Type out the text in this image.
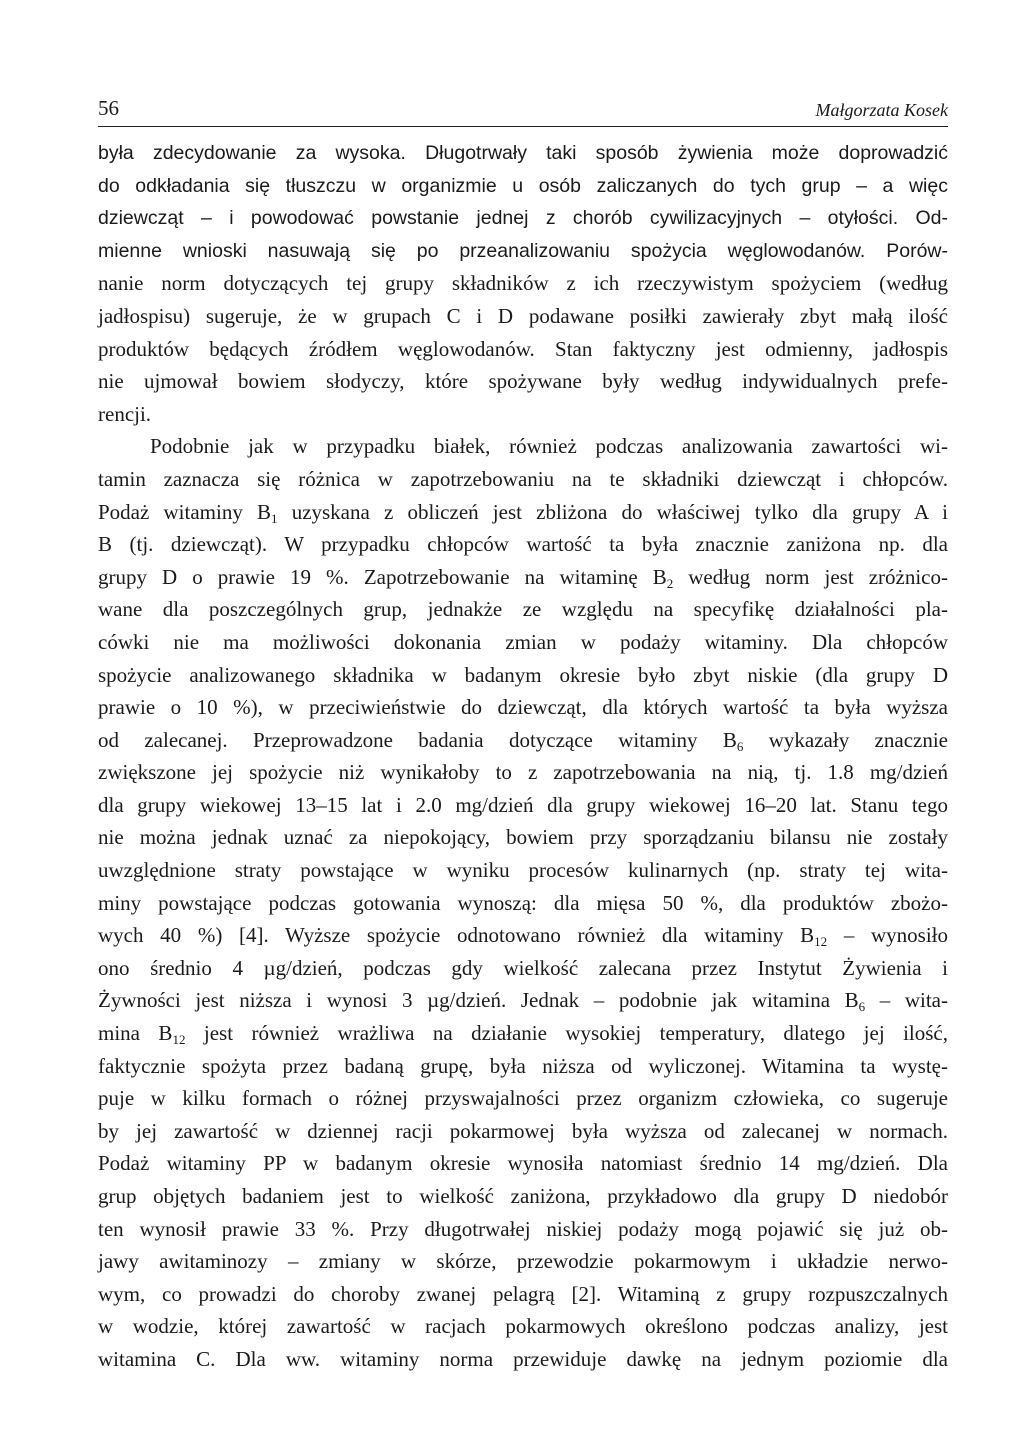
56	Małgorzata Kosek
była zdecydowanie za wysoka. Długotrwały taki sposób żywienia może doprowadzić
do odkładania się tłuszczu w organizmie u osób zaliczanych do tych grup – a więc
dziewcząt – i powodować powstanie jednej z chorób cywilizacyjnych – otyłości. Od-
mienne wnioski nasuwają się po przeanalizowaniu spożycia węglowodanów. Porów-
nanie norm dotyczących tej grupy składników z ich rzeczywistym spożyciem (według
jadłospisu) sugeruje, że w grupach C i D podawane posiłki zawierały zbyt małą ilość
produktów będących źródłem węglowodanów. Stan faktyczny jest odmienny, jadłospis
nie ujmował bowiem słodyczy, które spożywane były według indywidualnych prefe-
rencji.
Podobnie jak w przypadku białek, również podczas analizowania zawartości wi-
tamin zaznacza się różnica w zapotrzebowaniu na te składniki dziewcząt i chłopców.
Podaż witaminy $B_1$ uzyskana z obliczeń jest zbliżona do właściwej tylko dla grupy A i
B (tj. dziewcząt). W przypadku chłopców wartość ta była znacznie zaniżona np. dla
grupy D o prawie 19 %. Zapotrzebowanie na witaminę $B_2$ według norm jest zróżnico-
wane dla poszczególnych grup, jednakże ze względu na specyfikę działalności pla-
cówki nie ma możliwości dokonania zmian w podaży witaminy. Dla chłopców
spożycie analizowanego składnika w badanym okresie było zbyt niskie (dla grupy D
prawie o 10 %), w przeciwieństwie do dziewcząt, dla których wartość ta była wyższa
od zalecanej. Przeprowadzone badania dotyczące witaminy $B_6$ wykazały znacznie
zwiększone jej spożycie niż wynikałoby to z zapotrzebowania na nią, tj. 1.8 mg/dzień
dla grupy wiekowej 13–15 lat i 2.0 mg/dzień dla grupy wiekowej 16–20 lat. Stanu tego
nie można jednak uznać za niepokojący, bowiem przy sporządzaniu bilansu nie zostały
uwzględnione straty powstające w wyniku procesów kulinarnych (np. straty tej wita-
miny powstające podczas gotowania wynoszą: dla mięsa 50 %, dla produktów zbożo-
wych 40 %) [4]. Wyższe spożycie odnotowano również dla witaminy $B_{12}$ – wynosiło
ono średnio 4 µg/dzień, podczas gdy wielkość zalecana przez Instytut Żywienia i
Żywności jest niższa i wynosi 3 µg/dzień. Jednak – podobnie jak witamina $B_6$ – wita-
mina $B_{12}$ jest również wrażliwa na działanie wysokiej temperatury, dlatego jej ilość,
faktycznie spożyta przez badaną grupę, była niższa od wyliczonej. Witamina ta wystę-
puje w kilku formach o różnej przyswajalności przez organizm człowieka, co sugeruje
by jej zawartość w dziennej racji pokarmowej była wyższa od zalecanej w normach.
Podaż witaminy PP w badanym okresie wynosiła natomiast średnio 14 mg/dzień. Dla
grup objętych badaniem jest to wielkość zaniżona, przykładowo dla grupy D niedobór
ten wynosił prawie 33 %. Przy długotrwałej niskiej podaży mogą pojawić się już ob-
jawy awitaminozy – zmiany w skórze, przewodzie pokarmowym i układzie nerwo-
wym, co prowadzi do choroby zwanej pelagrą [2]. Witaminą z grupy rozpuszczalnych
w wodzie, której zawartość w racjach pokarmowych określono podczas analizy, jest
witamina C. Dla ww. witaminy norma przewiduje dawkę na jednym poziomie dla
